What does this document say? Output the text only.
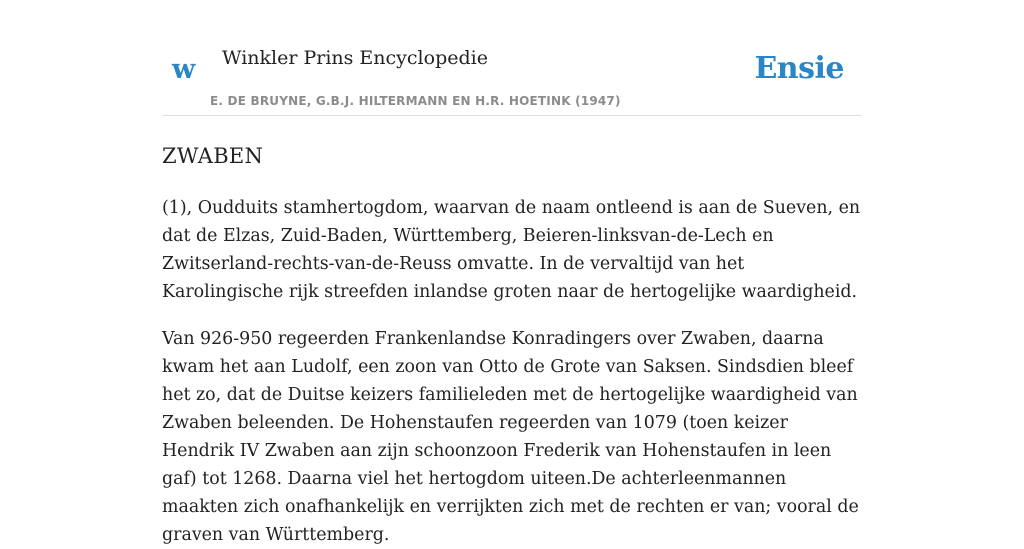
w Winkler Prins Encyclopedie
E. DE BRUYNE, G.B.J. HILTERMANN EN H.R. HOETINK (1947)
Ensie
ZWABEN

(1), Oudduits stamhertogdom, waarvan de naam ontleend is aan de Sueven, en dat de Elzas, Zuid-Baden, Württemberg, Beieren-linksvan-de-Lech en Zwitserland-rechts-van-de-Reuss omvatte. In de vervaltijd van het Karolingische rijk streefden inlandse groten naar de hertogelijke waardigheid.

Van 926-950 regeerden Frankenlandse Konradingers over Zwaben, daarna kwam het aan Ludolf, een zoon van Otto de Grote van Saksen. Sindsdien bleef het zo, dat de Duitse keizers familieleden met de hertogelijke waardigheid van Zwaben beleenden. De Hohenstaufen regeerden van 1079 (toen keizer Hendrik IV Zwaben aan zijn schoonzoon Frederik van Hohenstaufen in leen gaf) tot 1268. Daarna viel het hertogdom uiteen.De achterleenmannen maakten zich onafhankelijk en verrijkten zich met de rechten er van; vooral de graven van Württemberg.
